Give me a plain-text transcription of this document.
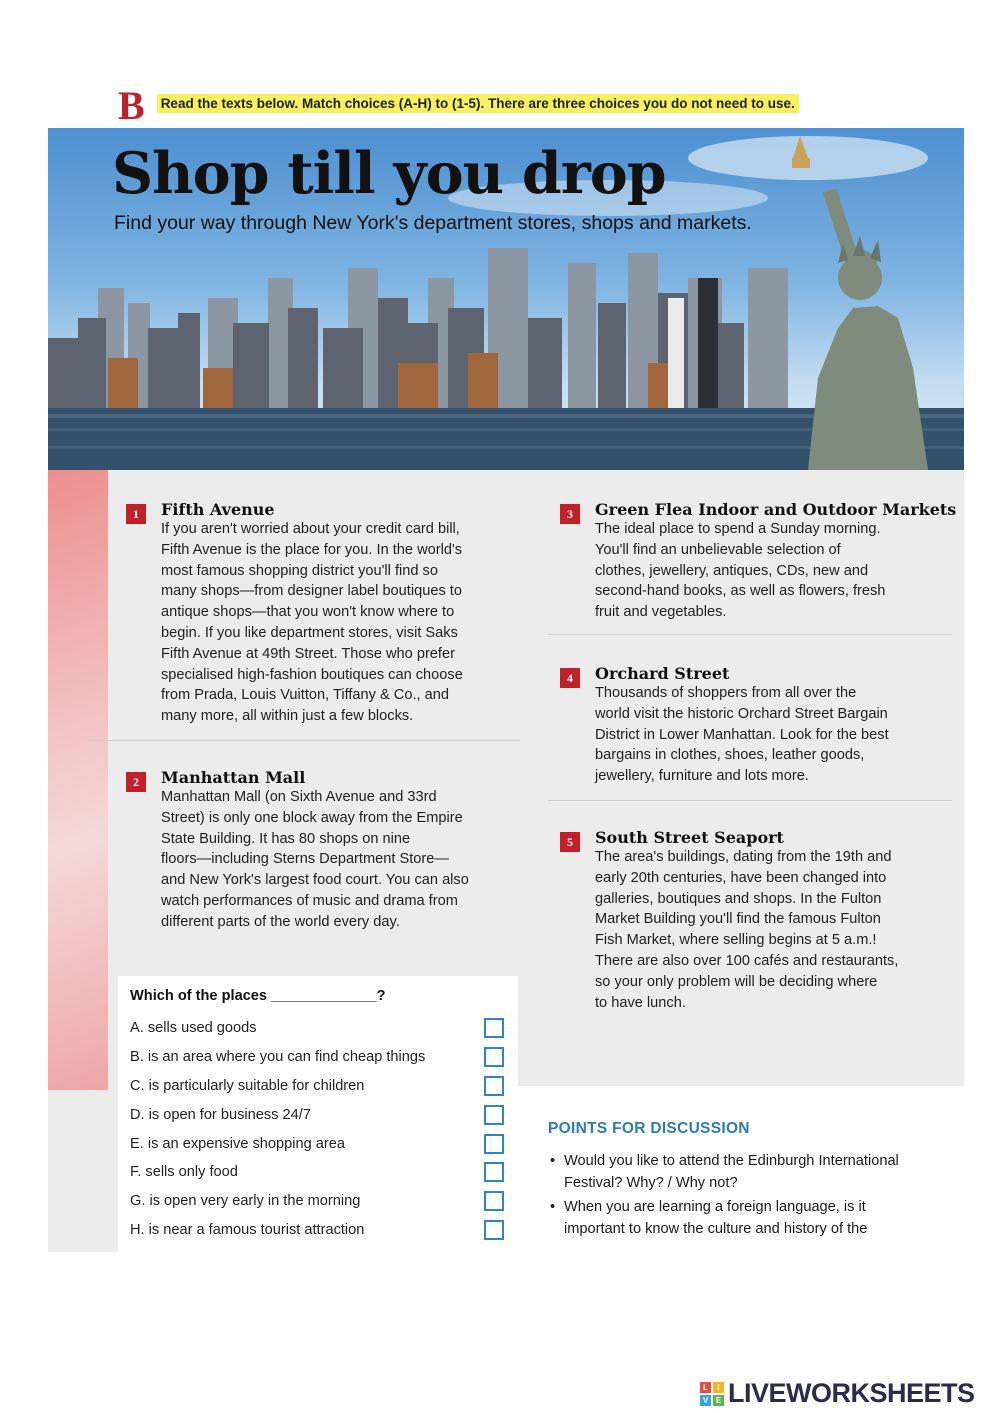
B Read the texts below. Match choices (A-H) to (1-5). There are three choices you do not need to use.
Shop till you drop
Find your way through New York's department stores, shops and markets.
1	Fifth Avenue
If you aren't worried about your credit card bill,
Fifth Avenue is the place for you. In the world's
most famous shopping district you'll find so
many shops—from designer label boutiques to
antique shops—that you won't know where to
begin. If you like department stores, visit Saks
Fifth Avenue at 49th Street. Those who prefer
specialised high-fashion boutiques can choose
from Prada, Louis Vuitton, Tiffany & Co., and
many more, all within just a few blocks.
2	Manhattan Mall
Manhattan Mall (on Sixth Avenue and 33rd
Street) is only one block away from the Empire
State Building. It has 80 shops on nine
floors—including Sterns Department Store—
and New York's largest food court. You can also
watch performances of music and drama from
different parts of the world every day.
3	Green Flea Indoor and Outdoor Markets
The ideal place to spend a Sunday morning.
You'll find an unbelievable selection of
clothes, jewellery, antiques, CDs, new and
second-hand books, as well as flowers, fresh
fruit and vegetables.
4	Orchard Street
Thousands of shoppers from all over the
world visit the historic Orchard Street Bargain
District in Lower Manhattan. Look for the best
bargains in clothes, shoes, leather goods,
jewellery, furniture and lots more.
5	South Street Seaport
The area's buildings, dating from the 19th and
early 20th centuries, have been changed into
galleries, boutiques and shops. In the Fulton
Market Building you'll find the famous Fulton
Fish Market, where selling begins at 5 a.m.!
There are also over 100 cafés and restaurants,
so your only problem will be deciding where
to have lunch.
Which of the places _____________?
A. sells used goods
B. is an area where you can find cheap things
C. is particularly suitable for children
D. is open for business 24/7
E. is an expensive shopping area
F. sells only food
G. is open very early in the morning
H. is near a famous tourist attraction
POINTS FOR DISCUSSION
• Would you like to attend the Edinburgh International
Festival? Why? / Why not?
• When you are learning a foreign language, is it
important to know the culture and history of the
L	I
V E LIVEWORKSHEETS
